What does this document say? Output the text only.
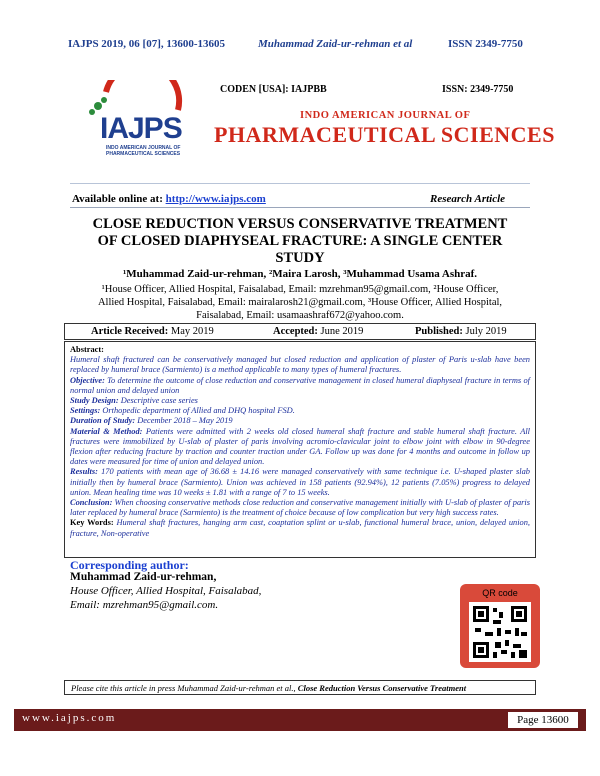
IAJPS 2019, 06 [07], 13600-13605	Muhammad Zaid-ur-rehman et al	ISSN 2349-7750
IAJPS
INDO AMERICAN JOURNAL OF PHARMACEUTICAL SCIENCES
CODEN [USA]: IAJPBB	ISSN: 2349-7750
INDO AMERICAN JOURNAL OF
PHARMACEUTICAL SCIENCES
Available online at: http://www.iajps.com	Research Article
CLOSE REDUCTION VERSUS CONSERVATIVE TREATMENT
OF CLOSED DIAPHYSEAL FRACTURE: A SINGLE CENTER
STUDY
¹Muhammad Zaid-ur-rehman, ²Maira Larosh, ³Muhammad Usama Ashraf.
¹House Officer, Allied Hospital, Faisalabad, Email: mzrehman95@gmail.com, ²House Officer,
Allied Hospital, Faisalabad, Email: mairalarosh21@gmail.com, ³House Officer, Allied Hospital,
Faisalabad, Email: usamaashraf672@yahoo.com.
Article Received: May 2019	Accepted: June 2019	Published: July 2019

Abstract:

Humeral shaft fractured can be conservatively managed but closed reduction and application of plaster of Paris u-slab have been replaced by humeral brace (Sarmiento) is a method applicable to many types of humeral fractures.

Objective: To determine the outcome of close reduction and conservative management in closed humeral diaphyseal fracture in terms of normal union and delayed union

Study Design: Descriptive case series

Settings: Orthopedic department of Allied and DHQ hospital FSD.

Duration of Study: December 2018 – May 2019

Material & Method: Patients were admitted with 2 weeks old closed humeral shaft fracture and stable humeral shaft fracture. All fractures were immobilized by U-slab of plaster of paris involving acromio-clavicular joint to elbow joint with elbow in 90-degree flexion after reducing fracture by traction and counter traction under GA. Follow up was done for 4 months and outcome in follow up dates were measured for time of union and delayed union.

Results: 170 patients with mean age of 36.68 ± 14.16 were managed conservatively with same technique i.e. U-shaped plaster slab initially then by humeral brace (Sarmiento). Union was achieved in 158 patients (92.94%), 12 patients (7.05%) progress to delayed union. Mean healing time was 10 weeks ± 1.81 with a range of 7 to 15 weeks.

Conclusion: When choosing conservative methods close reduction and conservative management initially with U-slab of plaster of paris later replaced by humeral brace (Sarmiento) is the treatment of choice because of low complication but very high success rates.

Key Words: Humeral shaft fractures, hanging arm cast, coaptation splint or u-slab, functional humeral brace, union, delayed union, fracture, Non-operative

Corresponding author:
Muhammad Zaid-ur-rehman,
House Officer, Allied Hospital, Faisalabad,
Email: mzrehman95@gmail.com.
QR code
Please cite this article in press Muhammad Zaid-ur-rehman et al., Close Reduction Versus Conservative Treatment
www.iajps.com	Page 13600
